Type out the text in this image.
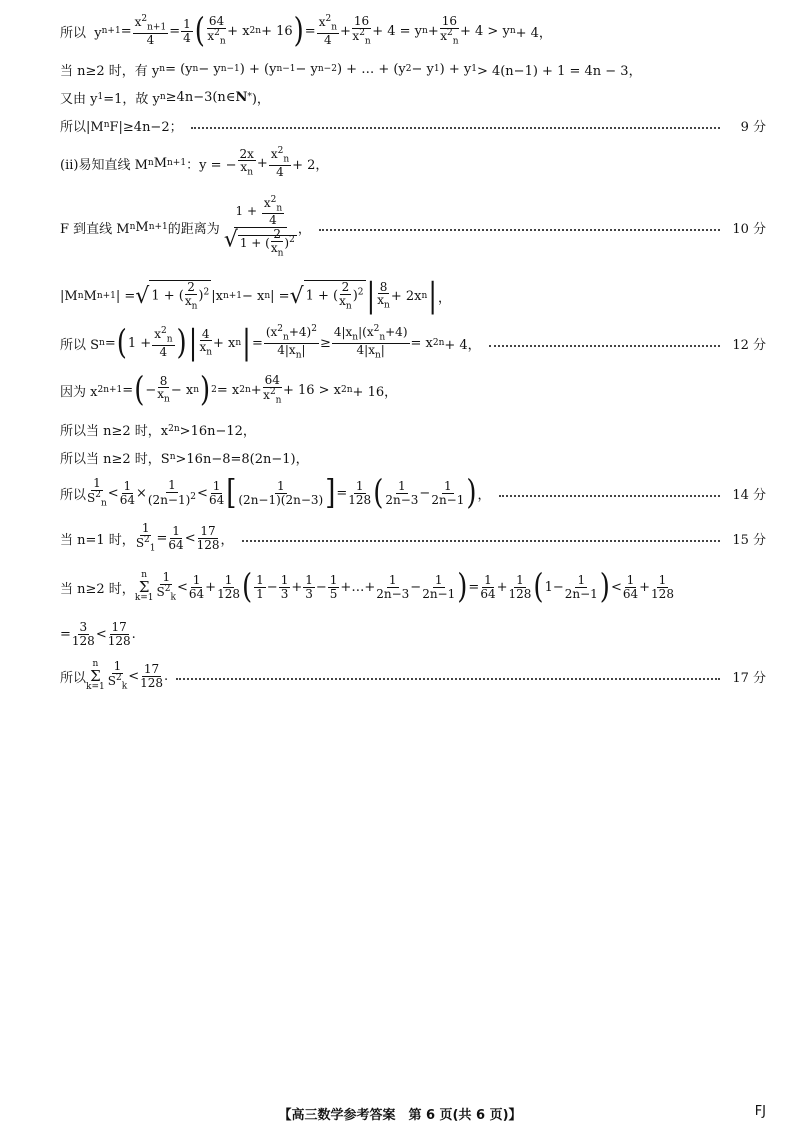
所以  y $n+1 = \frac{x^2_{n+1}}{4} = \frac{1}{4}$ ( $\frac{64}{x^2_n} + x$ 2 n + 16 ) = $\frac{x^2_n}{4} + \frac{16}{x^2_n} + 4 = y$ $n + \frac{16}{x^2_n} + 4 > y$ n + 4，
当 n≥2 时，有 y n = (y n − y n−1 ) + (y n−1 − y n−2 ) + … + (y 2 − y 1 ) + y 1 > 4(n−1) + 1 = 4n − 3，
又由 y 1 =1，故 y n ≥4n−3(n∈ N * )，
所以|M n F|≥4n−2；	9 分
(ii)易知直线 M n M n+1 ：y = − $\frac{2x}{x_n} + \frac{x^2_n}{4} + 2$，
F 到直线 M n M n+1 的距离为 $\frac{1 + \frac{x^2_n}{4}}{√ 1 + ( \frac{2}{x_n} )^2}$ ，	10 分
|M n M n+1 | = √ 1 + ( $\frac{2}{x_n} )^2$ |x n+1 − x n | = √ 1 + ( $\frac{2}{x_n} )^2$ | $\frac{8}{x_n} + 2x$ n | ，
所以 S n = ( $1 + \frac{x^2_n}{4}$ ) | $\frac{4}{x_n} + x$ n | = $\frac{(x^2_n+4)^2}{4|x_n|} \ge \frac{4|x_n|(x^2_n+4)}{4|x_n|} = x$ 2 n + 4，	12 分
因为 x 2 n+1 = ( − $\frac{8}{x_n} - x$ n ) 2 = x 2 $n + \frac{64}{x^2_n} + 16 > x$ 2 n + 16，
所以当 n≥2 时，x 2 n >16n−12，
所以当 n≥2 时，S n >16n−8=8(2n−1)，
所以 $\frac{1}{S^2_n} < \frac{1}{64} \times \frac{1}{(2n-1)^2} < \frac{1}{64}$ [ $\frac{1}{(2n-1)(2n-3)}$ ] = $\frac{1}{128}$ ( $\frac{1}{2n-3} - \frac{1}{2n-1}$ ) ，	14 分
当 n=1 时， $\frac{1}{S^2_1} = \frac{1}{64} < \frac{17}{128}$ ，	15 分
当 n≥2 时，
n
Σ
$k=1 \frac{1}{S^2_k} < \frac{1}{64} + \frac{1}{128}$ ( $\frac{1}{1} - \frac{1}{3} + \frac{1}{3} - \frac{1}{5}$ +…+ $\frac{1}{2n-3} - \frac{1}{2n-1}$ ) = $\frac{1}{64} + \frac{1}{128}$ ( $1- \frac{1}{2n-1}$ ) < $\frac{1}{64} + \frac{1}{128}$
= $\frac{3}{128} < \frac{17}{128}$ .
所以
n
Σ
$k=1 \frac{1}{S^2_k} < \frac{17}{128}$ .	17 分
【高三数学参考答案　第 6 页(共 6 页)】	FJ
